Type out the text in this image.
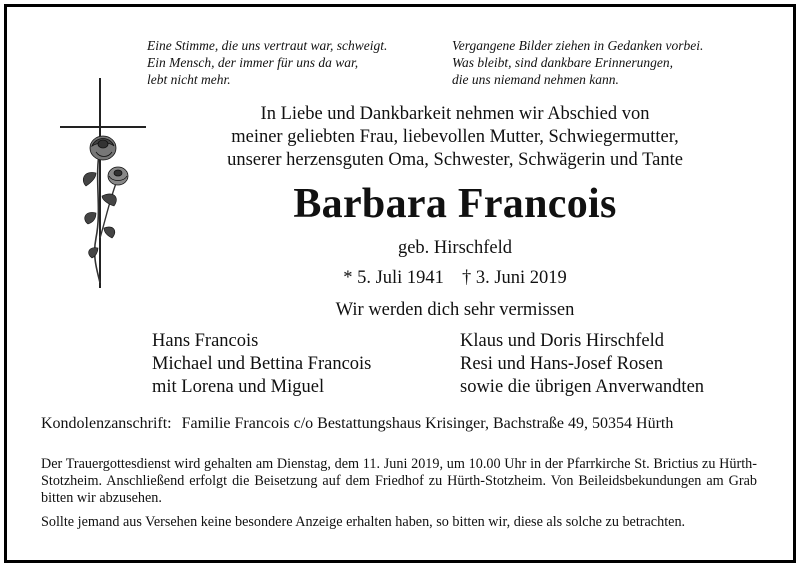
Eine Stimme, die uns vertraut war, schweigt.
Ein Mensch, der immer für uns da war,
lebt nicht mehr.
Vergangene Bilder ziehen in Gedanken vorbei.
Was bleibt, sind dankbare Erinnerungen,
die uns niemand nehmen kann.
In Liebe und Dankbarkeit nehmen wir Abschied von
meiner geliebten Frau, liebevollen Mutter, Schwiegermutter,
unserer herzensguten Oma, Schwester, Schwägerin und Tante
Barbara Francois
geb. Hirschfeld
* 5. Juli 1941 † 3. Juni 2019
Wir werden dich sehr vermissen
Hans Francois
Michael und Bettina Francois
mit Lorena und Miguel
Klaus und Doris Hirschfeld
Resi und Hans-Josef Rosen
sowie die übrigen Anverwandten
Kondolenzanschrift: Familie Francois c/o Bestattungshaus Krisinger, Bachstraße 49, 50354 Hürth
Der Trauergottesdienst wird gehalten am Dienstag, dem 11. Juni 2019, um 10.00 Uhr in der Pfarrkirche St. Brictius zu Hürth-Stotzheim. Anschließend erfolgt die Beisetzung auf dem Friedhof zu Hürth-Stotzheim. Von Beileidsbekundungen am Grab bitten wir abzusehen.
Sollte jemand aus Versehen keine besondere Anzeige erhalten haben, so bitten wir, diese als solche zu betrachten.
